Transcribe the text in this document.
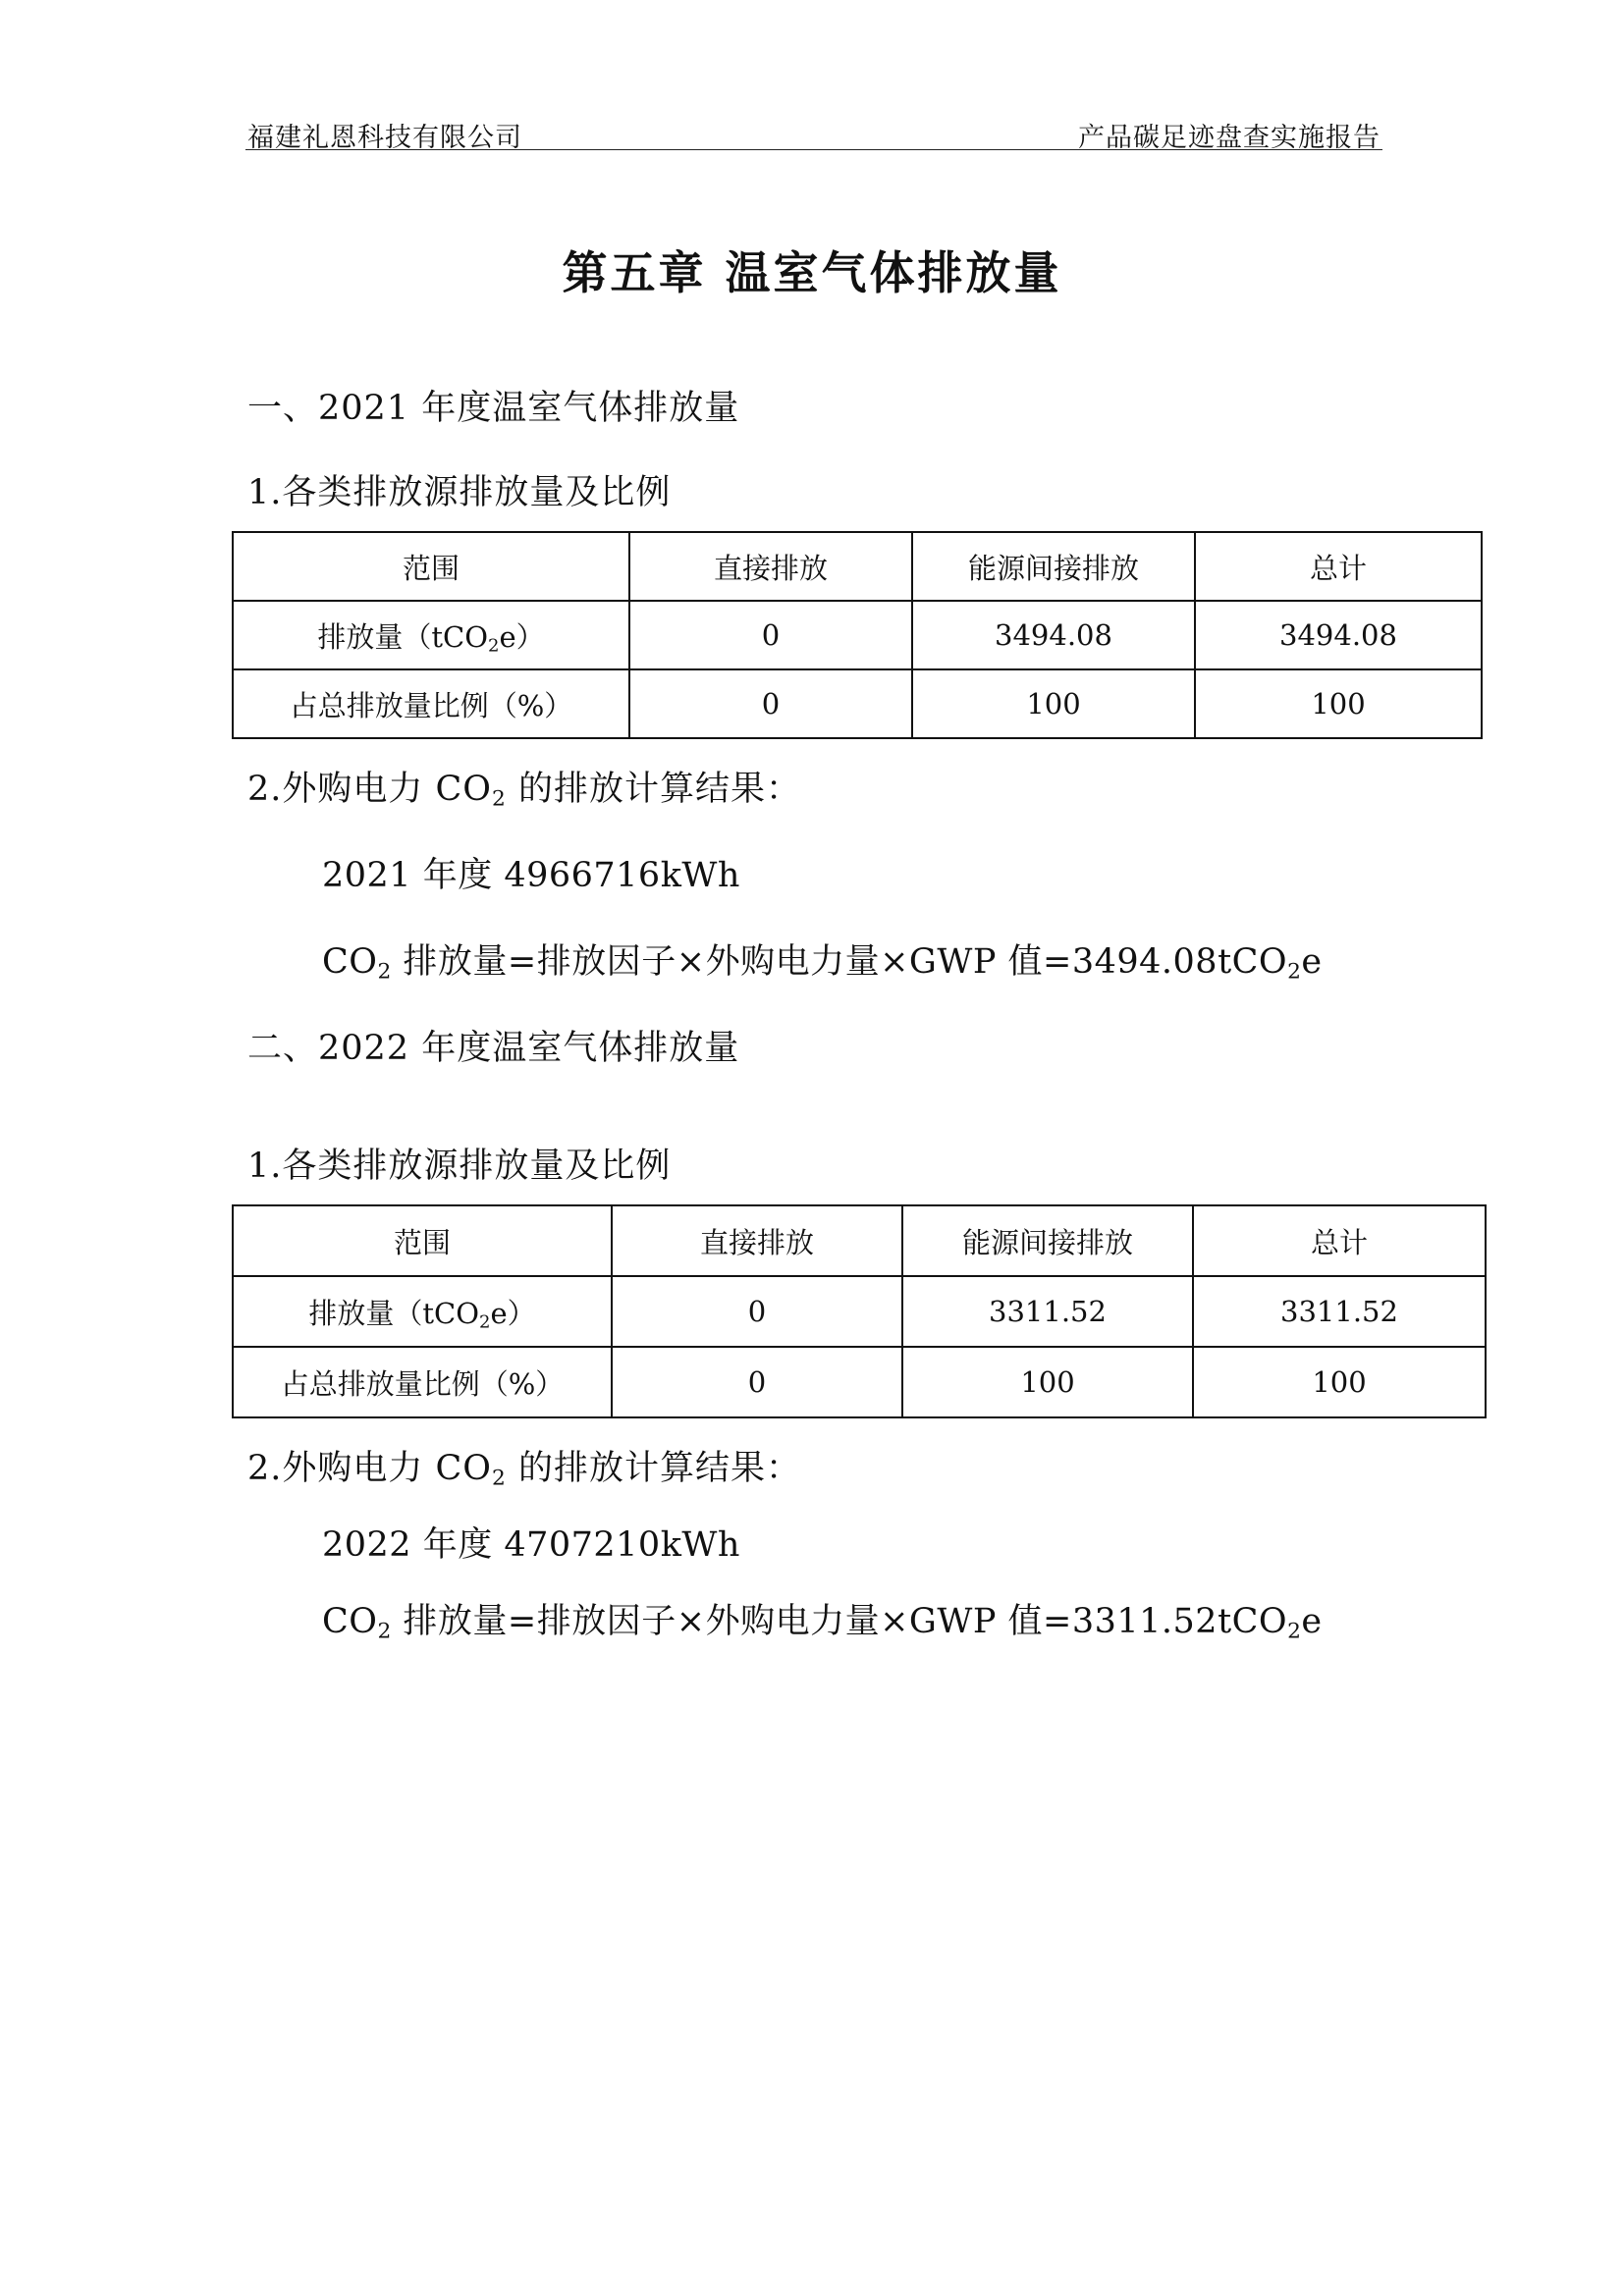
福建礼恩科技有限公司	产品碳足迹盘查实施报告
第五章 温室气体排放量
一、2021 年度温室气体排放量
1.各类排放源排放量及比例
范围	直接排放	能源间接排放	总计
排放量（tCO$_2$e）	0	3494.08	3494.08
占总排放量比例（%）	0	100	100
2.外购电力 $CO_2$ 的排放计算结果：
2021 年度 4966716kWh
$CO_2$ 排放量=排放因子×外购电力量×GWP 值=3494.08tCO$_2$e
二、2022 年度温室气体排放量
1.各类排放源排放量及比例
范围	直接排放	能源间接排放	总计
排放量（tCO$_2$e）	0	3311.52	3311.52
占总排放量比例（%）	0	100	100
2.外购电力 $CO_2$ 的排放计算结果：
2022 年度 4707210kWh
$CO_2$ 排放量=排放因子×外购电力量×GWP 值=3311.52tCO$_2$e
